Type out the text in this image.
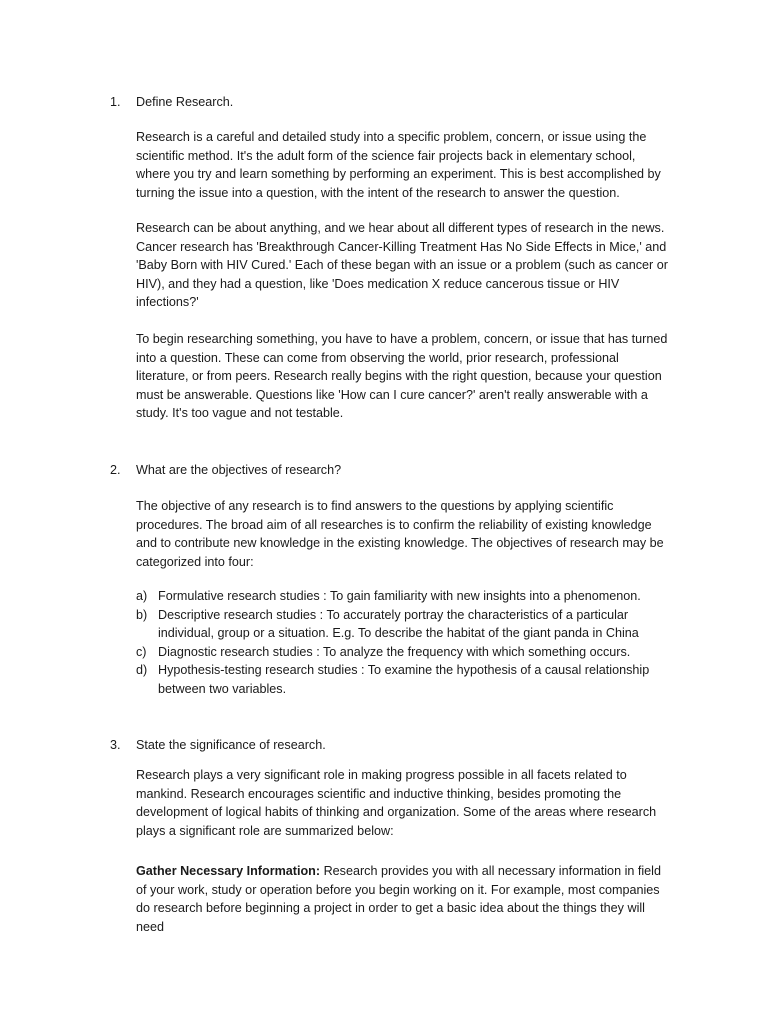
1. Define Research.

Research is a careful and detailed study into a specific problem, concern, or issue using the scientific method. It's the adult form of the science fair projects back in elementary school, where you try and learn something by performing an experiment. This is best accomplished by turning the issue into a question, with the intent of the research to answer the question.

Research can be about anything, and we hear about all different types of research in the news. Cancer research has 'Breakthrough Cancer-Killing Treatment Has No Side Effects in Mice,' and 'Baby Born with HIV Cured.' Each of these began with an issue or a problem (such as cancer or HIV), and they had a question, like 'Does medication X reduce cancerous tissue or HIV infections?'

To begin researching something, you have to have a problem, concern, or issue that has turned into a question. These can come from observing the world, prior research, professional literature, or from peers. Research really begins with the right question, because your question must be answerable. Questions like 'How can I cure cancer?' aren't really answerable with a study. It's too vague and not testable.

2. What are the objectives of research?

The objective of any research is to find answers to the questions by applying scientific procedures. The broad aim of all researches is to confirm the reliability of existing knowledge and to contribute new knowledge in the existing knowledge. The objectives of research may be categorized into four:

a) Formulative research studies : To gain familiarity with new insights into a phenomenon.

b) Descriptive research studies : To accurately portray the characteristics of a particular individual, group or a situation. E.g. To describe the habitat of the giant panda in China

c) Diagnostic research studies : To analyze the frequency with which something occurs.

d) Hypothesis-testing research studies : To examine the hypothesis of a causal relationship between two variables.

3. State the significance of research.

Research plays a very significant role in making progress possible in all facets related to mankind. Research encourages scientific and inductive thinking, besides promoting the development of logical habits of thinking and organization. Some of the areas where research plays a significant role are summarized below:

Gather Necessary Information: Research provides you with all necessary information in field of your work, study or operation before you begin working on it. For example, most companies do research before beginning a project in order to get a basic idea about the things they will need
